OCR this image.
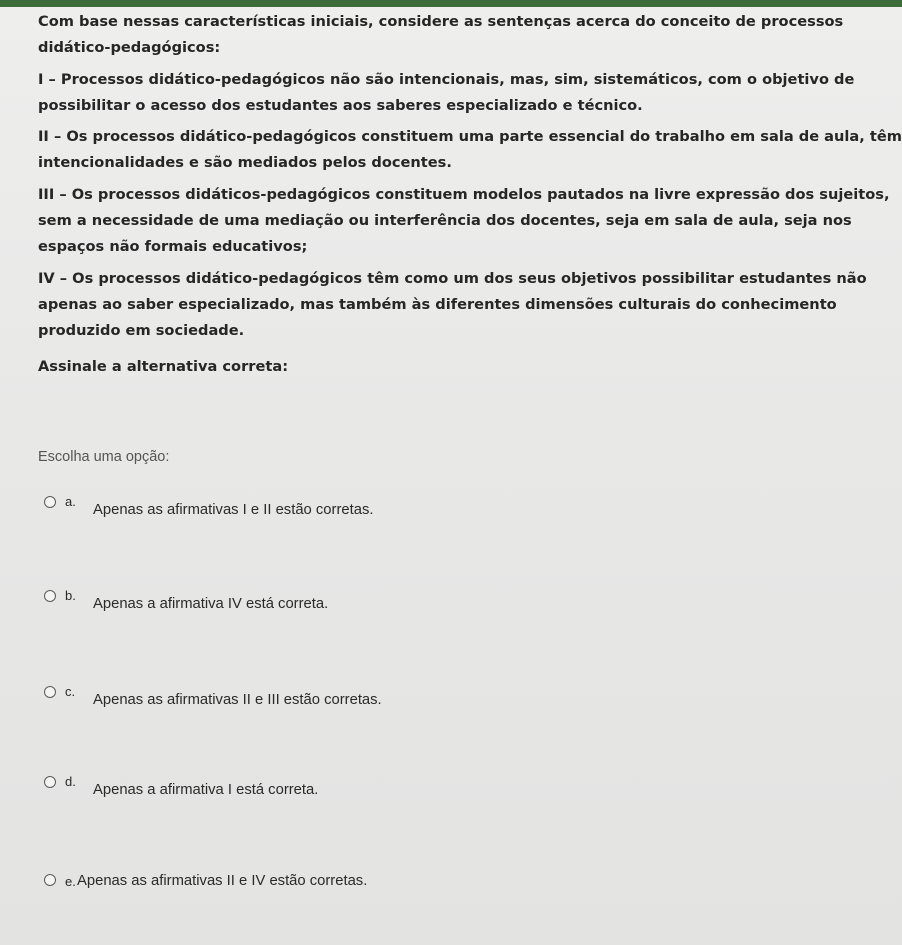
Com base nessas características iniciais, considere as sentenças acerca do conceito de processos
didático-pedagógicos:

I – Processos didático-pedagógicos não são intencionais, mas, sim, sistemáticos, com o objetivo de
possibilitar o acesso dos estudantes aos saberes especializado e técnico.

II – Os processos didático-pedagógicos constituem uma parte essencial do trabalho em sala de aula, têm
intencionalidades e são mediados pelos docentes.

III – Os processos didáticos-pedagógicos constituem modelos pautados na livre expressão dos sujeitos,
sem a necessidade de uma mediação ou interferência dos docentes, seja em sala de aula, seja nos
espaços não formais educativos;

IV – Os processos didático-pedagógicos têm como um dos seus objetivos possibilitar estudantes não
apenas ao saber especializado, mas também às diferentes dimensões culturais do conhecimento
produzido em sociedade.

Assinale a alternativa correta:

Escolha uma opção:
a.
Apenas as afirmativas I e II estão corretas.
b.
Apenas a afirmativa IV está correta.
c.
Apenas as afirmativas II e III estão corretas.
d.
Apenas a afirmativa I está correta.
e. Apenas as afirmativas II e IV estão corretas.
